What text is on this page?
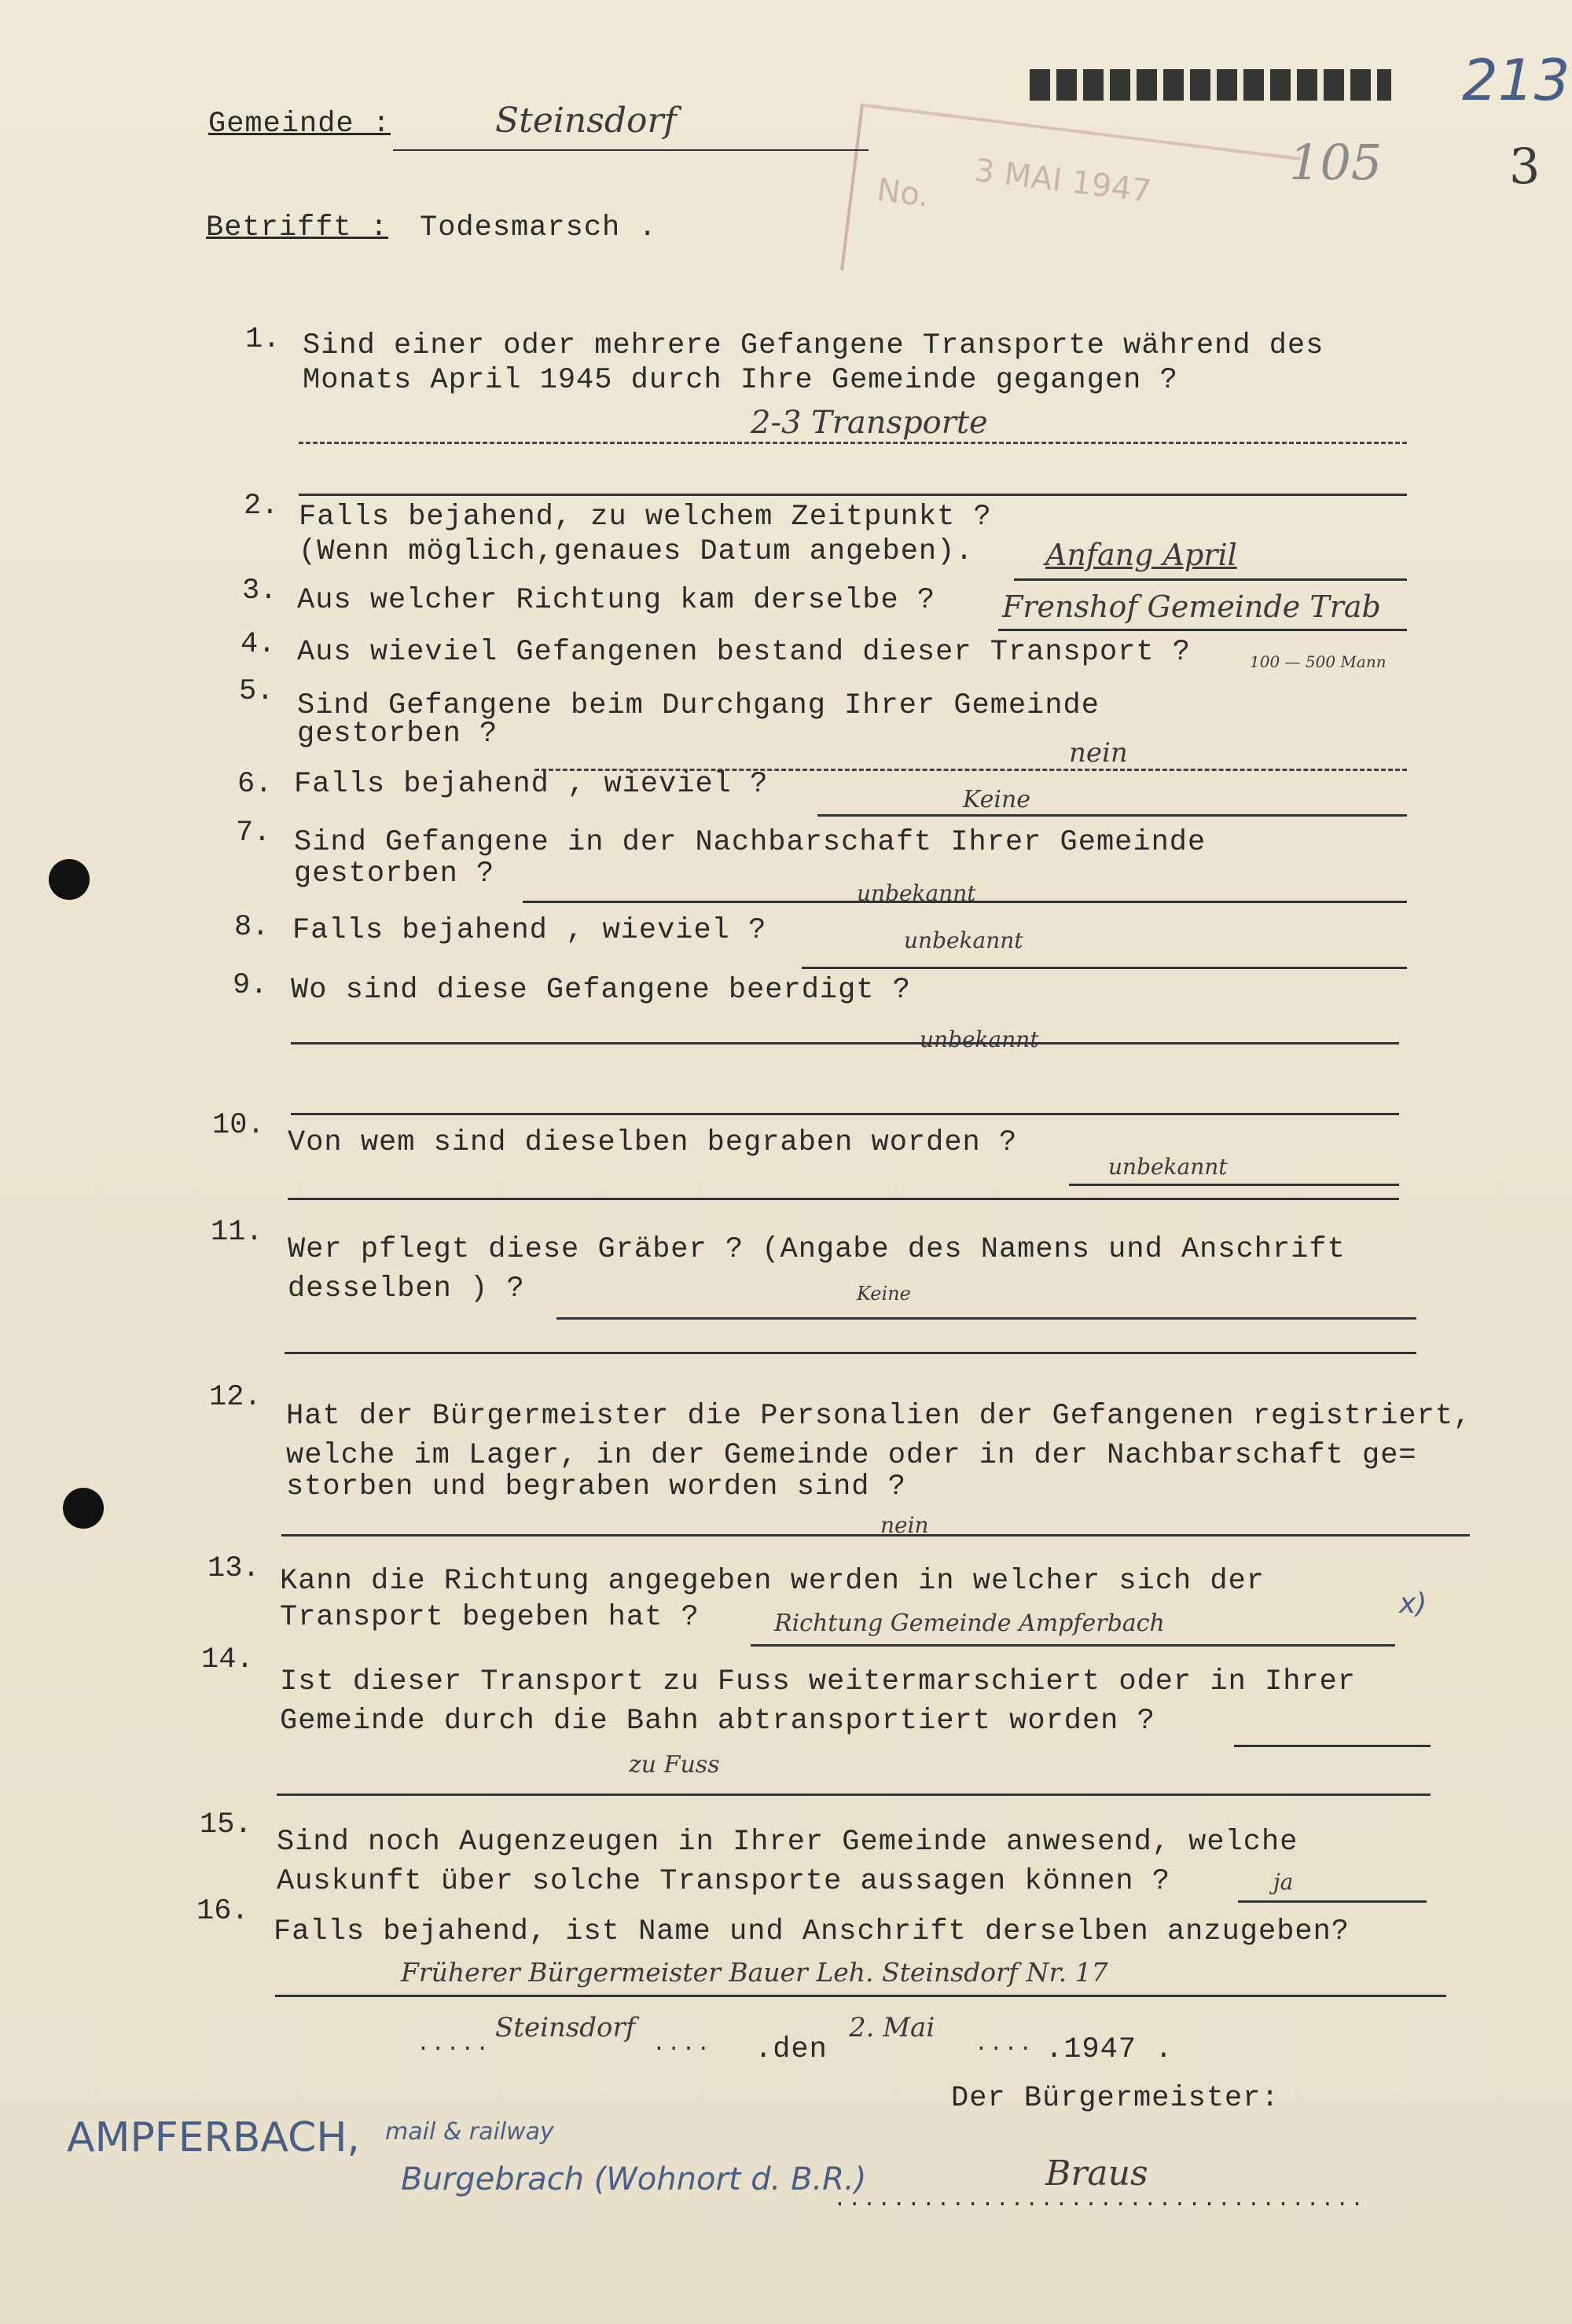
No. 3 MAI 1947
213
105	3
Gemeinde :	Steinsdorf
Betrifft : Todesmarsch .
1. Sind einer oder mehrere Gefangene Transporte während des
Monats April 1945 durch Ihre Gemeinde gegangen ?
2-3 Transporte
2. Falls bejahend, zu welchem Zeitpunkt ?
(Wenn möglich,genaues Datum angeben). Anfang April
3. Aus welcher Richtung kam derselbe ? Frenshof Gemeinde Trab
4. Aus wieviel Gefangenen bestand dieser Transport ?	100 — 500 Mann
5. Sind Gefangene beim Durchgang Ihrer Gemeinde
gestorben ?
nein
6. Falls bejahend , wieviel ?	Keine
7. Sind Gefangene in der Nachbarschaft Ihrer Gemeinde
gestorben ?
unbekannt
8. Falls bejahend , wieviel ?	unbekannt
9. Wo sind diese Gefangene beerdigt ?
unbekannt
10.
Von wem sind dieselben begraben worden ?
unbekannt
11.
Wer pflegt diese Gräber ? (Angabe des Namens und Anschrift
desselben ) ?	Keine
12.
Hat der Bürgermeister die Personalien der Gefangenen registriert,
welche im Lager, in der Gemeinde oder in der Nachbarschaft ge=
storben und begraben worden sind ?
nein
13. Kann die Richtung angegeben werden in welcher sich der
Transport begeben hat ?	Richtung Gemeinde Ampferbach
x)
14.
Ist dieser Transport zu Fuss weitermarschiert oder in Ihrer
Gemeinde durch die Bahn abtransportiert worden ?
zu Fuss
15.
Sind noch Augenzeugen in Ihrer Gemeinde anwesend, welche
Auskunft über solche Transporte aussagen können ?	ja
16.
Falls bejahend, ist Name und Anschrift derselben anzugeben?
Früherer Bürgermeister Bauer Leh. Steinsdorf Nr. 17
.....
Steinsdorf
.... .den
2. Mai
.... .1947 .
Der Bürgermeister:
AMPFERBACH, mail & railway
Burgebrach (Wohnort d. B.R.)
....................................
Braus
